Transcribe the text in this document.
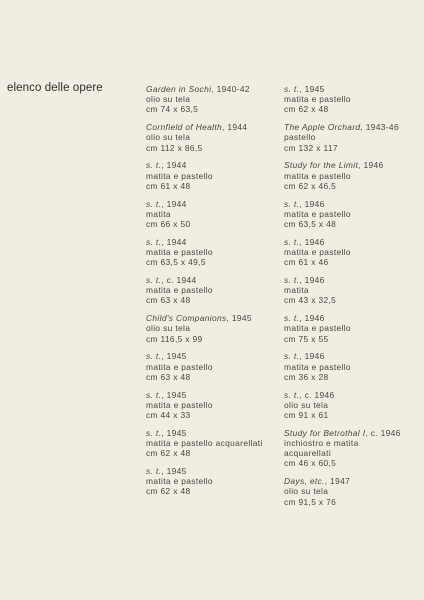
elenco delle opere	Garden in Sochi, 1940-42
olio su tela
cm 74 x 63,5
Cornfield of Health, 1944
olio su tela
cm 112 x 86,5
s. t., 1944
matita e pastello
cm 61 x 48
s. t., 1944
matita
cm 66 x 50
s. t., 1944
matita e pastello
cm 63,5 x 49,5
s. t., c. 1944
matita e pastello
cm 63 x 48
Child's Companions, 1945
olio su tela
cm 116,5 x 99
s. t., 1945
matita e pastello
cm 63 x 48
s. t., 1945
matita e pastello
cm 44 x 33
s. t., 1945
matita e pastello acquarellati
cm 62 x 48
s. t., 1945
matita e pastello
cm 62 x 48
s. t., 1945
matita e pastello
cm 62 x 48
The Apple Orchard, 1943-46
pastello
cm 132 x 117
Study for the Limit, 1946
matita e pastello
cm 62 x 46,5
s. t., 1946
matita e pastello
cm 63,5 x 48
s. t., 1946
matita e pastello
cm 61 x 46
s. t., 1946
matita
cm 43 x 32,5
s. t., 1946
matita e pastello
cm 75 x 55
s. t., 1946
matita e pastello
cm 36 x 28
s. t., c. 1946
olio su tela
cm 91 x 61
Study for Betrothal I, c. 1946
inchiostro e matita
acquarellati
cm 46 x 60,5
Days, etc., 1947
olio su tela
cm 91,5 x 76
